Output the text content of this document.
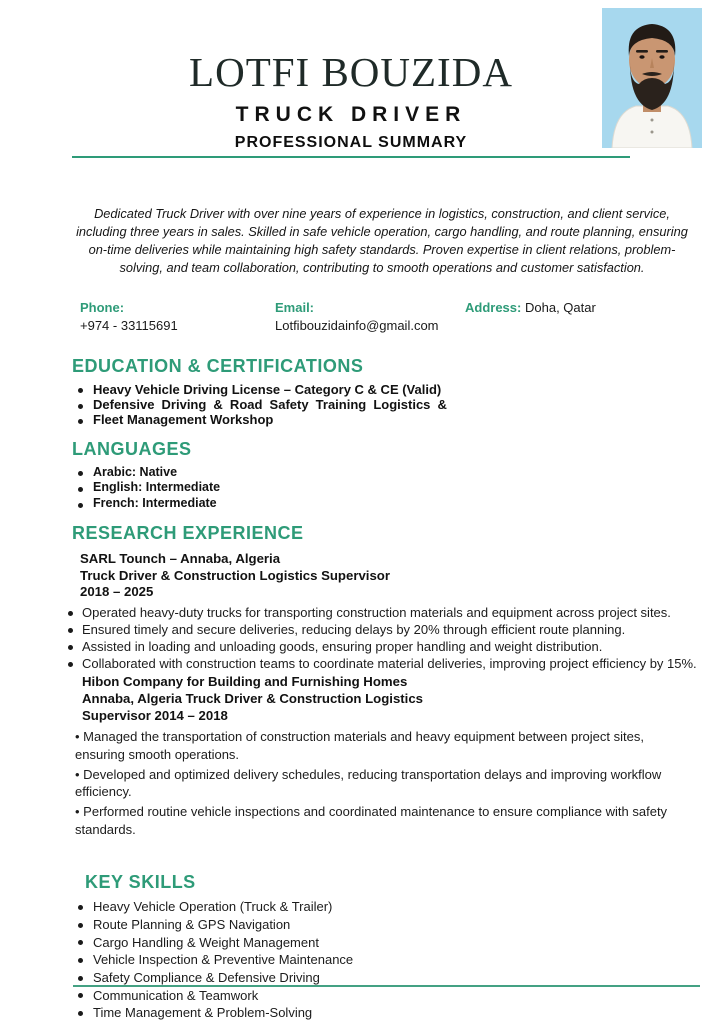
LOTFI BOUZIDA
TRUCK DRIVER
PROFESSIONAL SUMMARY

Dedicated Truck Driver with over nine years of experience in logistics, construction, and client service, including three years in sales. Skilled in safe vehicle operation, cargo handling, and route planning, ensuring on-time deliveries while maintaining high safety standards. Proven expertise in client relations, problem-solving, and team collaboration, contributing to smooth operations and customer satisfaction.

Phone:
+974 - 33115691
Email:
Lotfibouzidainfo@gmail.com
Address: Doha, Qatar
EDUCATION & CERTIFICATIONS
Heavy Vehicle Driving License – Category C & CE (Valid)
Defensive Driving & Road Safety Training Logistics &
Fleet Management Workshop
LANGUAGES
Arabic: Native
English: Intermediate
French: Intermediate
RESEARCH EXPERIENCE
SARL Tounch – Annaba, Algeria
Truck Driver & Construction Logistics Supervisor
2018 – 2025
Operated heavy-duty trucks for transporting construction materials and equipment across project sites.
Ensured timely and secure deliveries, reducing delays by 20% through efficient route planning.
Assisted in loading and unloading goods, ensuring proper handling and weight distribution.
Collaborated with construction teams to coordinate material deliveries, improving project efficiency by 15%.
Hibon Company for Building and Furnishing Homes
Annaba, Algeria Truck Driver & Construction Logistics
Supervisor 2014 – 2018

• Managed the transportation of construction materials and heavy equipment between project sites, ensuring smooth operations.

• Developed and optimized delivery schedules, reducing transportation delays and improving workflow efficiency.

• Performed routine vehicle inspections and coordinated maintenance to ensure compliance with safety standards.

KEY SKILLS
Heavy Vehicle Operation (Truck & Trailer)
Route Planning & GPS Navigation
Cargo Handling & Weight Management
Vehicle Inspection & Preventive Maintenance
Safety Compliance & Defensive Driving
Communication & Teamwork
Time Management & Problem-Solving
